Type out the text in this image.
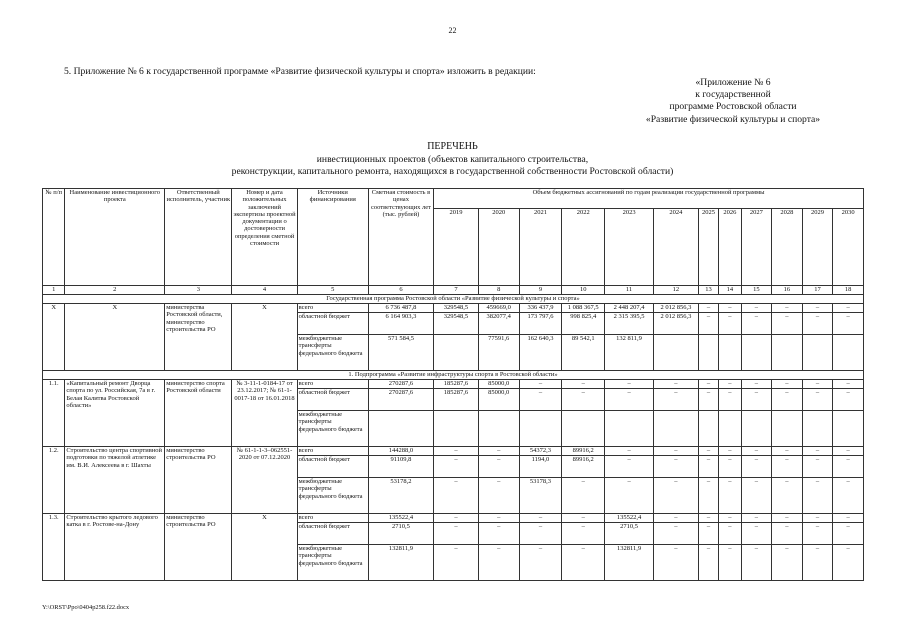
22
5. Приложение № 6 к государственной программе «Развитие физической культуры и спорта» изложить в редакции:
«Приложение № 6
к государственной
программе Ростовской области
«Развитие физической культуры и спорта»
ПЕРЕЧЕНЬ
инвестиционных проектов (объектов капитального строительства,
реконструкции, капитального ремонта, находящихся в государственной собственности Ростовской области)
№ п/п	Наименование инвестиционного проекта	Ответственный исполнитель, участник	Номер и дата положительных заключений экспертизы проектной документации о достоверности определения сметной стоимости	Источники финансирования	Сметная стоимость в ценах соответствующих лет (тыс. рублей)	Объем бюджетных ассигнований по годам реализации государственной программы											
						2019	2020	2021	2022	2023	2024	2025	2026	2027	2028	2029	2030
1	2	3	4	5	6	7	8	9	10	11	12	13	14	15	16	17	18
Государственная программа Ростовской области «Развитие физической культуры и спорта»																	
X	X	министерства Ростовской области, министерство строительства РО	X	всего	6 736 487,8	329548,5	459669,0	336 437,9	1 088 367,5	2 448 207,4	2 012 856,3	–	–	–	–	–	–
				областной бюджет	6 164 903,3	329548,5	382077,4	173 797,6	998 825,4	2 315 395,5	2 012 856,3	–	–	–	–	–	–
				межбюджетные трансферты федерального бюджета	571 584,5		77591,6	162 640,3	89 542,1	132 811,9							
1. Подпрограмма «Развитие инфраструктуры спорта в Ростовской области»																	
1.1.	«Капитальный ремонт Дворца спорта по ул. Российская, 7а в г. Белая Калитва Ростовской области»	министерство спорта Ростовской области	№ 3-11-1-0184-17 от 23.12.2017; № 61-1-0017-18 от 16.01.2018	всего	270287,6	185287,6	85000,0	–	–	–	–	–	–	–	–	–	–
				областной бюджет	270287,6	185287,6	85000,0	–	–	–	–	–	–	–	–	–	–
				межбюджетные трансферты федерального бюджета													
1.2.	Строительство центра спортивной подготовки по тяжелой атлетике им. В.И. Алексеева в г. Шахты	министерство строительства РО	№ 61-1-1-3–062551-2020 от 07.12.2020	всего	144288,0	–	–	54372,3	89916,2	–	–	–	–	–	–	–	–
				областной бюджет	91109,8	–	–	1194,0	89916,2	–	–	–	–	–	–	–	–
				межбюджетные трансферты федерального бюджета	53178,2	–	–	53178,3	–	–	–	–	–	–	–	–	–
1.3.	Строительство крытого ледового катка в г. Ростове-на-Дону	министерство строительства РО	X	всего	135522,4	–	–	–	–	135522,4	–	–	–	–	–	–	–
				областной бюджет	2710,5	–	–	–	–	2710,5	–	–	–	–	–	–	–
				межбюджетные трансферты федерального бюджета	132811,9	–	–	–	–	132811,9	–	–	–	–	–	–	–
Y:\ORST\Ppo\0404p258.f22.docx
